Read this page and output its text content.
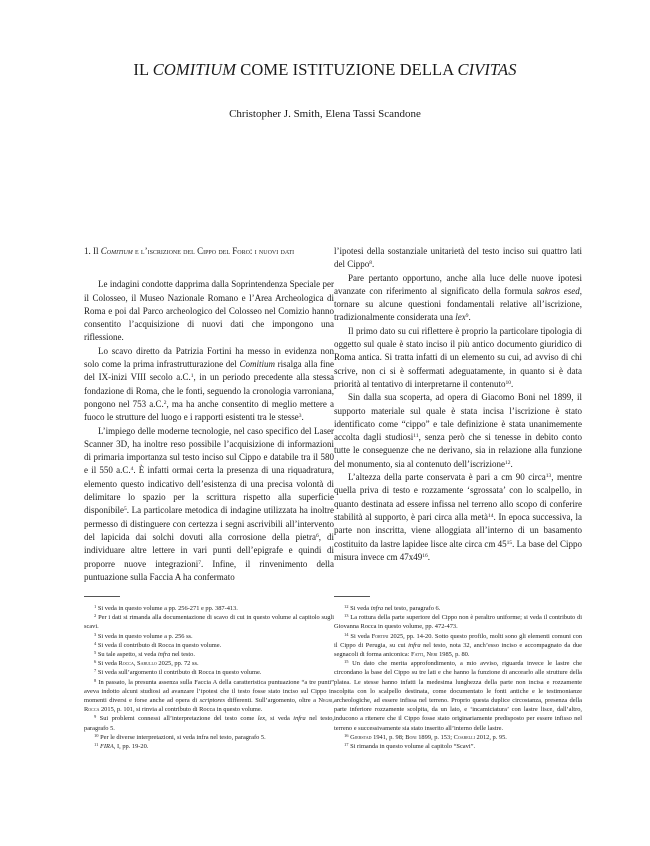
IL COMITIUM COME ISTITUZIONE DELLA CIVITAS
Christopher J. Smith, Elena Tassi Scandone
1. Il Comitium e l’iscrizione del Cippo del Foro: i nuovi dati

Le indagini condotte dapprima dalla Soprintendenza Speciale per il Colosseo, il Museo Nazionale Romano e l’Area Archeologica di Roma e poi dal Parco archeologico del Colosseo nel Comizio hanno consentito l’acquisizione di nuovi dati che impongono una riflessione.

Lo scavo diretto da Patrizia Fortini ha messo in evidenza non solo come la prima infrastrutturazione del Comitium risalga alla fine del IX-inizi VIII secolo a.C.$^1$, in un periodo precedente alla stessa fondazione di Roma, che le fonti, seguendo la cronologia varroniana, pongono nel 753 a.C.$^2$, ma ha anche consentito di meglio mettere a fuoco le strutture del luogo e i rapporti esistenti tra le stesse$^3$.

L’impiego delle moderne tecnologie, nel caso specifico del Laser Scanner 3D, ha inoltre reso possibile l’acquisizione di informazioni di primaria importanza sul testo inciso sul Cippo e databile tra il 580 e il 550 a.C.$^4$. È infatti ormai certa la presenza di una riquadratura, elemento questo indicativo dell’esistenza di una precisa volontà di delimitare lo spazio per la scrittura rispetto alla superficie disponibile$^5$. La particolare metodica di indagine utilizzata ha inoltre permesso di distinguere con certezza i segni ascrivibili all’intervento del lapicida dai solchi dovuti alla corrosione della pietra$^6$, di individuare altre lettere in vari punti dell’epigrafe e quindi di proporre nuove integrazioni$^7$. Infine, il rinvenimento della puntuazione sulla Faccia A ha confermato

l’ipotesi della sostanziale unitarietà del testo inciso sui quattro lati del Cippo$^8$.

Pare pertanto opportuno, anche alla luce delle nuove ipotesi avanzate con riferimento al significato della formula sakros esed, tornare su alcune questioni fondamentali relative all’iscrizione, tradizionalmente considerata una lex$^9$.

Il primo dato su cui riflettere è proprio la particolare tipologia di oggetto sul quale è stato inciso il più antico documento giuridico di Roma antica. Si tratta infatti di un elemento su cui, ad avviso di chi scrive, non ci si è soffermati adeguatamente, in quanto si è data priorità al tentativo di interpretarne il contenuto$^{10}$.

Sin dalla sua scoperta, ad opera di Giacomo Boni nel 1899, il supporto materiale sul quale è stata incisa l’iscrizione è stato identificato come “cippo” e tale definizione è stata unanimemente accolta dagli studiosi$^{11}$, senza però che si tenesse in debito conto tutte le conseguenze che ne derivano, sia in relazione alla funzione del monumento, sia al contenuto dell’iscrizione$^{12}$.

L’altezza della parte conservata è pari a cm 90 circa$^{13}$, mentre quella priva di testo e rozzamente ‘sgrossata’ con lo scalpello, in quanto destinata ad essere infissa nel terreno allo scopo di conferire stabilità al supporto, è pari circa alla metà$^{14}$. In epoca successiva, la parte non inscritta, viene alloggiata all’interno di un basamento costituito da lastre lapidee lisce alte circa cm $45^{15}$. La base del Cippo misura invece cm $47x49^{16}$.

$^1$ Si veda in questo volume a pp. 256-271 e pp. 387-413.

$^2$ Per i dati si rimanda alla documentazione di scavo di cui in questo volume al capitolo sugli scavi.

$^3$ Si veda in questo volume a p. 256 ss.

$^4$ Si veda il contributo di Rocca in questo volume.

$^5$ Su tale aspetto, si veda infra nel testo.

$^6$ Si veda Rocca, Sabullo 2025, pp. 72 ss.

$^7$ Si veda sull’argomento il contributo di Rocca in questo volume.

$^8$ In passato, la presunta assenza sulla Faccia A della caratteristica puntuazione “a tre punti” aveva indotto alcuni studiosi ad avanzare l’ipotesi che il testo fosse stato inciso sul Cippo in momenti diversi e forse anche ad opera di scriptores differenti. Sull’argomento, oltre a Negri, Rocca 2015, p. 101, si rinvia al contributo di Rocca in questo volume.

$^9$ Sui problemi connessi all’interpretazione del testo come lex, si veda infra nel testo, paragrafo 5.

$^{10}$ Per le diverse interpretazioni, si veda infra nel testo, paragrafo 5.

$^{11}$ FIRA, I, pp. 19-20.

$^{12}$ Si veda infra nel testo, paragrafo 6.

$^{13}$ La rottura della parte superiore del Cippo non è peraltro uniforme; si veda il contributo di Giovanna Rocca in questo volume, pp. 472-473.

$^{14}$ Si veda Fortini 2025, pp. 14-20. Sotto questo profilo, molti sono gli elementi comuni con il Cippo di Perugia, su cui infra nel testo, nota 32, anch’esso inciso e accompagnato da due segnacoli di forma aniconica: Fatti, Neri 1985, p. 80.

$^{15}$ Un dato che merita approfondimento, a mio avviso, riguarda invece le lastre che circondano la base del Cippo su tre lati e che hanno la funzione di ancorarlo alle strutture della platea. Le stesse hanno infatti la medesima lunghezza della parte non incisa e rozzamente scolpita con lo scalpello destinata, come documentato le fonti antiche e le testimonianze archeologiche, ad essere infissa nel terreno. Proprio questa duplice circostanza, presenza della parte inferiore rozzamente scolpita, da un lato, e ‘incamiciatura’ con lastre lisce, dall’altro, inducono a ritenere che il Cippo fosse stato originariamente predisposto per essere infisso nel terreno e successivamente sia stato inserito all’interno delle lastre.

$^{16}$ Gjerstad 1941, p. 98; Boni 1899, p. 153; Coarelli 2012, p. 95.

$^{17}$ Si rimanda in questo volume al capitolo “Scavi”.
